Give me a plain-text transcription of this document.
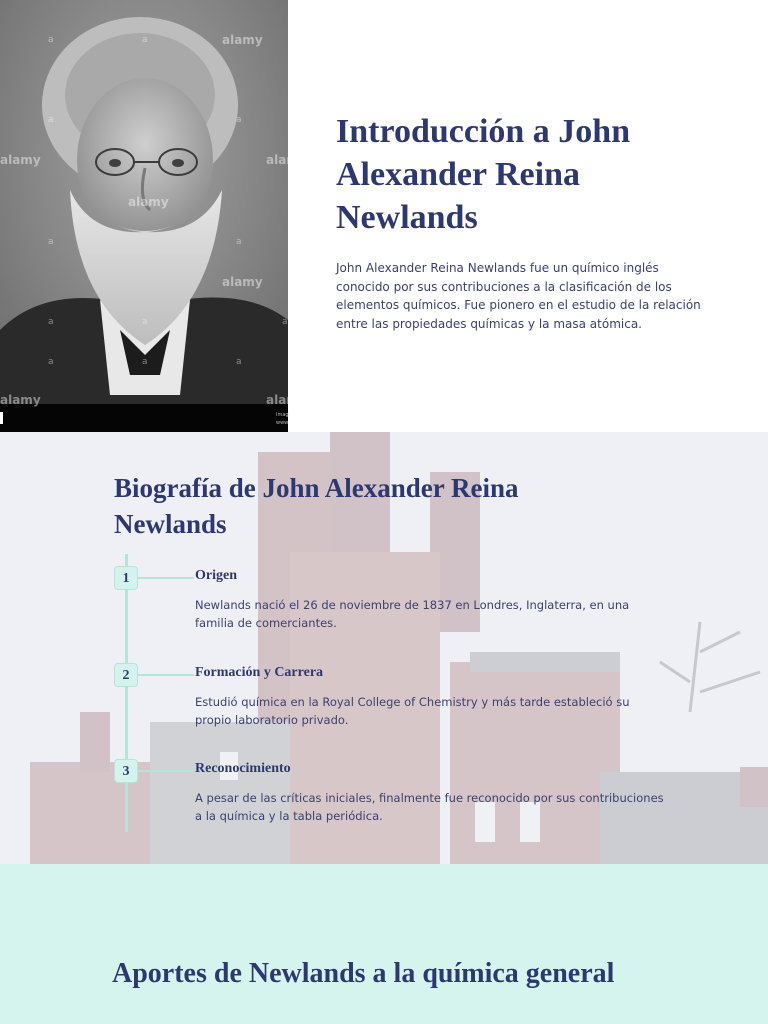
Imag
www
alamy
alamy
alamy
alamy
alamy	alam
alam
a	a
a	a
a	a
a	a	a
a	a	a
Introducción a John Alexander Reina Newlands

John Alexander Reina Newlands fue un químico inglés conocido por sus contribuciones a la clasificación de los elementos químicos. Fue pionero en el estudio de la relación entre las propiedades químicas y la masa atómica.

Biografía de John Alexander Reina Newlands
1	Origen
Newlands nació el 26 de noviembre de 1837 en Londres, Inglaterra, en una familia de comerciantes.
2	Formación y Carrera
Estudió química en la Royal College of Chemistry y más tarde estableció su propio laboratorio privado.
3	Reconocimiento
A pesar de las críticas iniciales, finalmente fue reconocido por sus contribuciones a la química y la tabla periódica.
Aportes de Newlands a la química general
